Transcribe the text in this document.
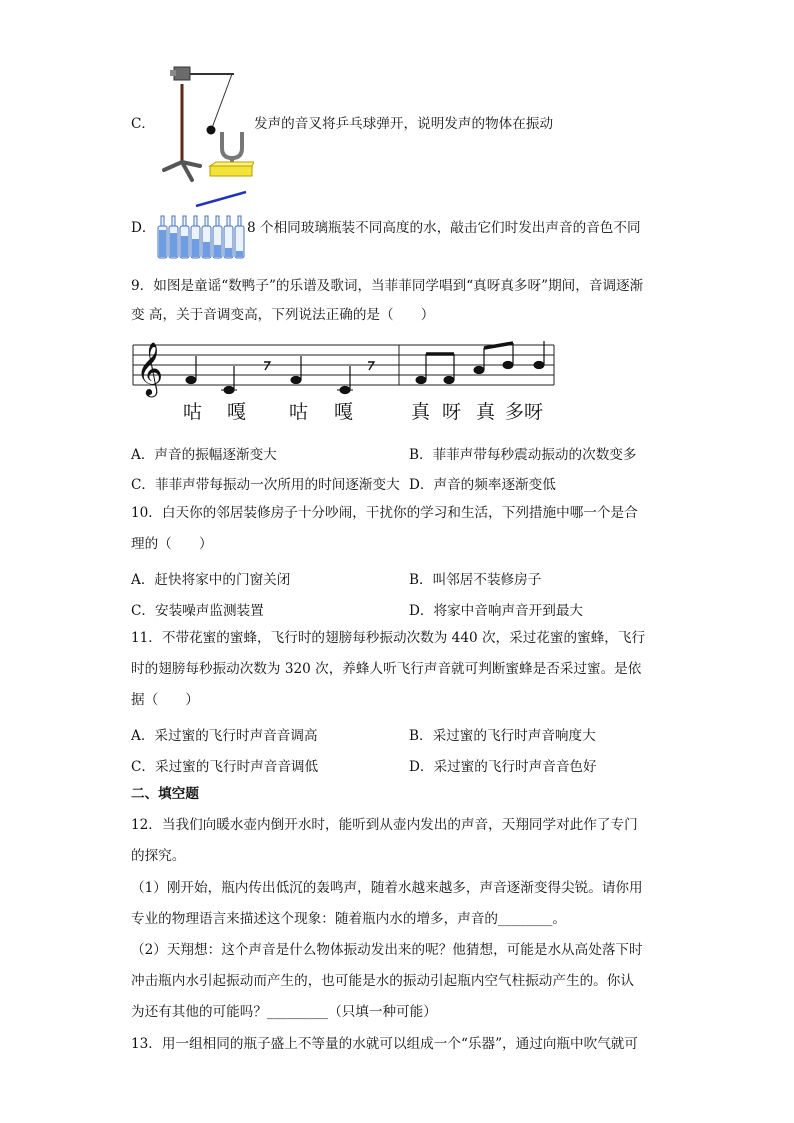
C．	发声的音叉将乒乓球弹开，说明发声的物体在振动
D．	8 个相同玻璃瓶装不同高度的水，敲击它们时发出声音的音色不同
9．如图是童谣“数鸭子”的乐谱及歌词，当菲菲同学唱到“真呀真多呀”期间，音调逐渐
变 高，关于音调变高，下列说法正确的是（　　）
𝄞
咕 嘎 咕 嘎	真 呀 真 多呀
A．声音的振幅逐渐变大	B．菲菲声带每秒震动振动的次数变多
C．菲菲声带每振动一次所用的时间逐渐变大 D．声音的频率逐渐变低
10．白天你的邻居装修房子十分吵闹，干扰你的学习和生活，下列措施中哪一个是合
理的（　　）
A．赶快将家中的门窗关闭	B．叫邻居不装修房子
C．安装噪声监测装置	D．将家中音响声音开到最大
11．不带花蜜的蜜蜂，飞行时的翅膀每秒振动次数为 440 次，采过花蜜的蜜蜂，飞行
时的翅膀每秒振动次数为 320 次，养蜂人听飞行声音就可判断蜜蜂是否采过蜜。是依
据（　　）
A．采过蜜的飞行时声音音调高	B．采过蜜的飞行时声音响度大
C．采过蜜的飞行时声音音调低	D．采过蜜的飞行时声音音色好
二、填空题
12．当我们向暖水壶内倒开水时，能听到从壶内发出的声音，天翔同学对此作了专门
的探究。
（1）刚开始，瓶内传出低沉的轰鸣声，随着水越来越多，声音逐渐变得尖锐。请你用
专业的物理语言来描述这个现象：随着瓶内水的增多，声音的________。
（2）天翔想：这个声音是什么物体振动发出来的呢？他猜想，可能是水从高处落下时
冲击瓶内水引起振动而产生的，也可能是水的振动引起瓶内空气柱振动产生的。你认
为还有其他的可能吗？_________（只填一种可能）
13．用一组相同的瓶子盛上不等量的水就可以组成一个“乐器”，通过向瓶中吹气就可
